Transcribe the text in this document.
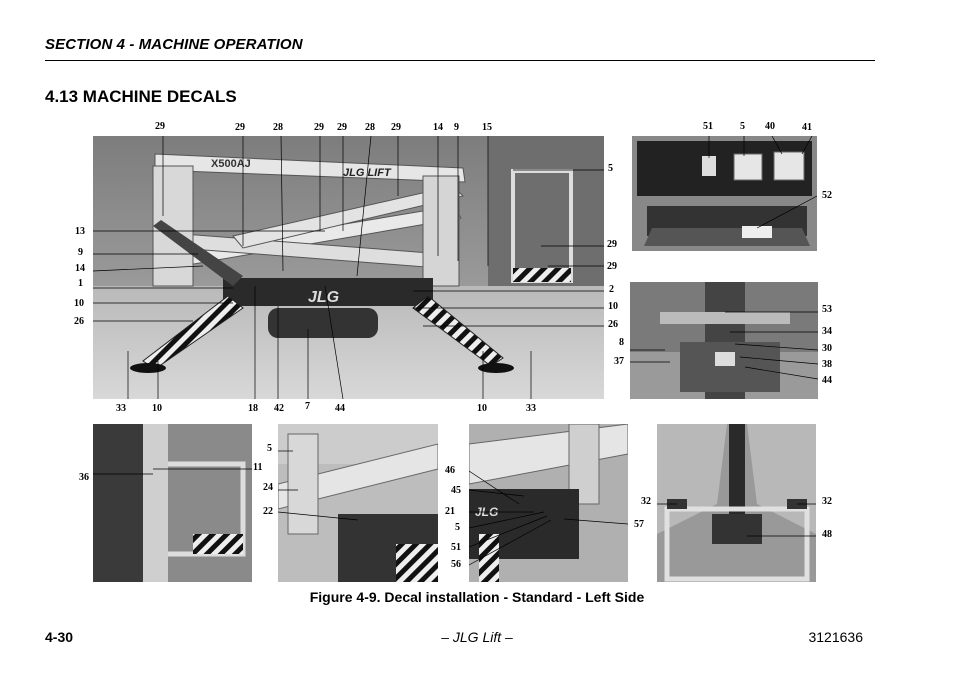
SECTION 4 - MACHINE OPERATION
4.13 MACHINE DECALS
X500AJ
JLG LIFT
JLG
JLG
29	29	28	29 29 28 29	14 9 15
5
13
9
14
1
10
26
29
29
2
10
26
8
37
33	10	18 42 7	44	10	33
51	5 40	41
52
53
34
30
38
44
36
11
5
24
22
46
45
21
5
51
56
57
32	32
48
Figure 4-9. Decal installation - Standard - Left Side
4-30	– JLG Lift –	3121636
